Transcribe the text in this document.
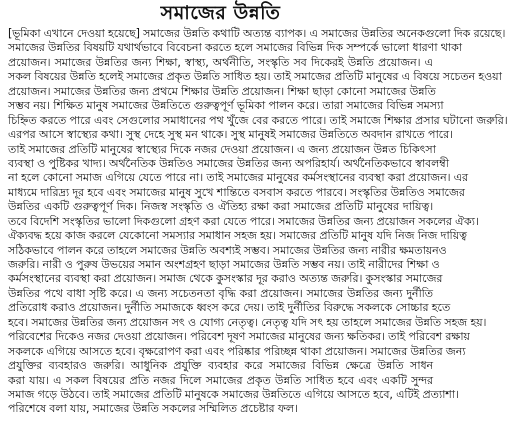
সমাজের উন্নতি
[ভূমিকা এখানে দেওয়া হয়েছে] সমাজের উন্নতি কথাটি অত্যন্ত ব্যাপক। এ সমাজের উন্নতির অনেকগুলো দিক রয়েছে।
সমাজের উন্নতির বিষয়টি যথার্থভাবে বিবেচনা করতে হলে সমাজের বিভিন্ন দিক সম্পর্কে ভালো ধারণা থাকা
প্রয়োজন। সমাজের উন্নতির জন্য শিক্ষা, স্বাস্থ্য, অর্থনীতি, সংস্কৃতি সব দিকেরই উন্নতি প্রয়োজন। এ
সকল বিষয়ের উন্নতি হলেই সমাজের প্রকৃত উন্নতি সাধিত হয়। তাই সমাজের প্রতিটি মানুষের এ বিষয়ে সচেতন হওয়া
প্রয়োজন। সমাজের উন্নতির জন্য প্রথমে শিক্ষার উন্নতি প্রয়োজন। শিক্ষা ছাড়া কোনো সমাজের উন্নতি
সম্ভব নয়। শিক্ষিত মানুষ সমাজের উন্নতিতে গুরুত্বপূর্ণ ভূমিকা পালন করে। তারা সমাজের বিভিন্ন সমস্যা
চিহ্নিত করতে পারে এবং সেগুলোর সমাধানের পথ খুঁজে বের করতে পারে। তাই সমাজে শিক্ষার প্রসার ঘটানো জরুরি।
এরপর আসে স্বাস্থ্যের কথা। সুস্থ দেহে সুস্থ মন থাকে। সুস্থ মানুষই সমাজের উন্নতিতে অবদান রাখতে পারে।
তাই সমাজের প্রতিটি মানুষের স্বাস্থ্যের দিকে নজর দেওয়া প্রয়োজন। এ জন্য প্রয়োজন উন্নত চিকিৎসা
ব্যবস্থা ও পুষ্টিকর খাদ্য। অর্থনৈতিক উন্নতিও সমাজের উন্নতির জন্য অপরিহার্য। অর্থনৈতিকভাবে স্বাবলম্বী
না হলে কোনো সমাজ এগিয়ে যেতে পারে না। তাই সমাজের মানুষের কর্মসংস্থানের ব্যবস্থা করা প্রয়োজন। এর
মাধ্যমে দারিদ্র্য দূর হবে এবং সমাজের মানুষ সুখে শান্তিতে বসবাস করতে পারবে। সংস্কৃতির উন্নতিও সমাজের
উন্নতির একটি গুরুত্বপূর্ণ দিক। নিজস্ব সংস্কৃতি ও ঐতিহ্য রক্ষা করা সমাজের প্রতিটি মানুষের দায়িত্ব।
তবে বিদেশি সংস্কৃতির ভালো দিকগুলো গ্রহণ করা যেতে পারে। সমাজের উন্নতির জন্য প্রয়োজন সকলের ঐক্য।
ঐক্যবদ্ধ হয়ে কাজ করলে যেকোনো সমস্যার সমাধান সহজ হয়। সমাজের প্রতিটি মানুষ যদি নিজ নিজ দায়িত্ব
সঠিকভাবে পালন করে তাহলে সমাজের উন্নতি অবশ্যই সম্ভব। সমাজের উন্নতির জন্য নারীর ক্ষমতায়নও
জরুরি। নারী ও পুরুষ উভয়ের সমান অংশগ্রহণ ছাড়া সমাজের উন্নতি সম্ভব নয়। তাই নারীদের শিক্ষা ও
কর্মসংস্থানের ব্যবস্থা করা প্রয়োজন। সমাজ থেকে কুসংস্কার দূর করাও অত্যন্ত জরুরি। কুসংস্কার সমাজের
উন্নতির পথে বাধা সৃষ্টি করে। এ জন্য সচেতনতা বৃদ্ধি করা প্রয়োজন। সমাজের উন্নতির জন্য দুর্নীতি
প্রতিরোধ করাও প্রয়োজন। দুর্নীতি সমাজকে ধ্বংস করে দেয়। তাই দুর্নীতির বিরুদ্ধে সকলকে সোচ্চার হতে
হবে। সমাজের উন্নতির জন্য প্রয়োজন সৎ ও যোগ্য নেতৃত্ব। নেতৃত্ব যদি সৎ হয় তাহলে সমাজের উন্নতি সহজ হয়।
পরিবেশের দিকেও নজর দেওয়া প্রয়োজন। পরিবেশ দূষণ সমাজের মানুষের জন্য ক্ষতিকর। তাই পরিবেশ রক্ষায়
সকলকে এগিয়ে আসতে হবে। বৃক্ষরোপণ করা এবং পরিষ্কার পরিচ্ছন্ন থাকা প্রয়োজন। সমাজের উন্নতির জন্য
প্রযুক্তির ব্যবহারও জরুরি। আধুনিক প্রযুক্তি ব্যবহার করে সমাজের বিভিন্ন ক্ষেত্রে উন্নতি সাধন
করা যায়। এ সকল বিষয়ের প্রতি নজর দিলে সমাজের প্রকৃত উন্নতি সাধিত হবে এবং একটি সুন্দর
সমাজ গড়ে উঠবে। তাই সমাজের প্রতিটি মানুষকে সমাজের উন্নতিতে এগিয়ে আসতে হবে, এটিই প্রত্যাশা।
পরিশেষে বলা যায়, সমাজের উন্নতি সকলের সম্মিলিত প্রচেষ্টার ফল।
